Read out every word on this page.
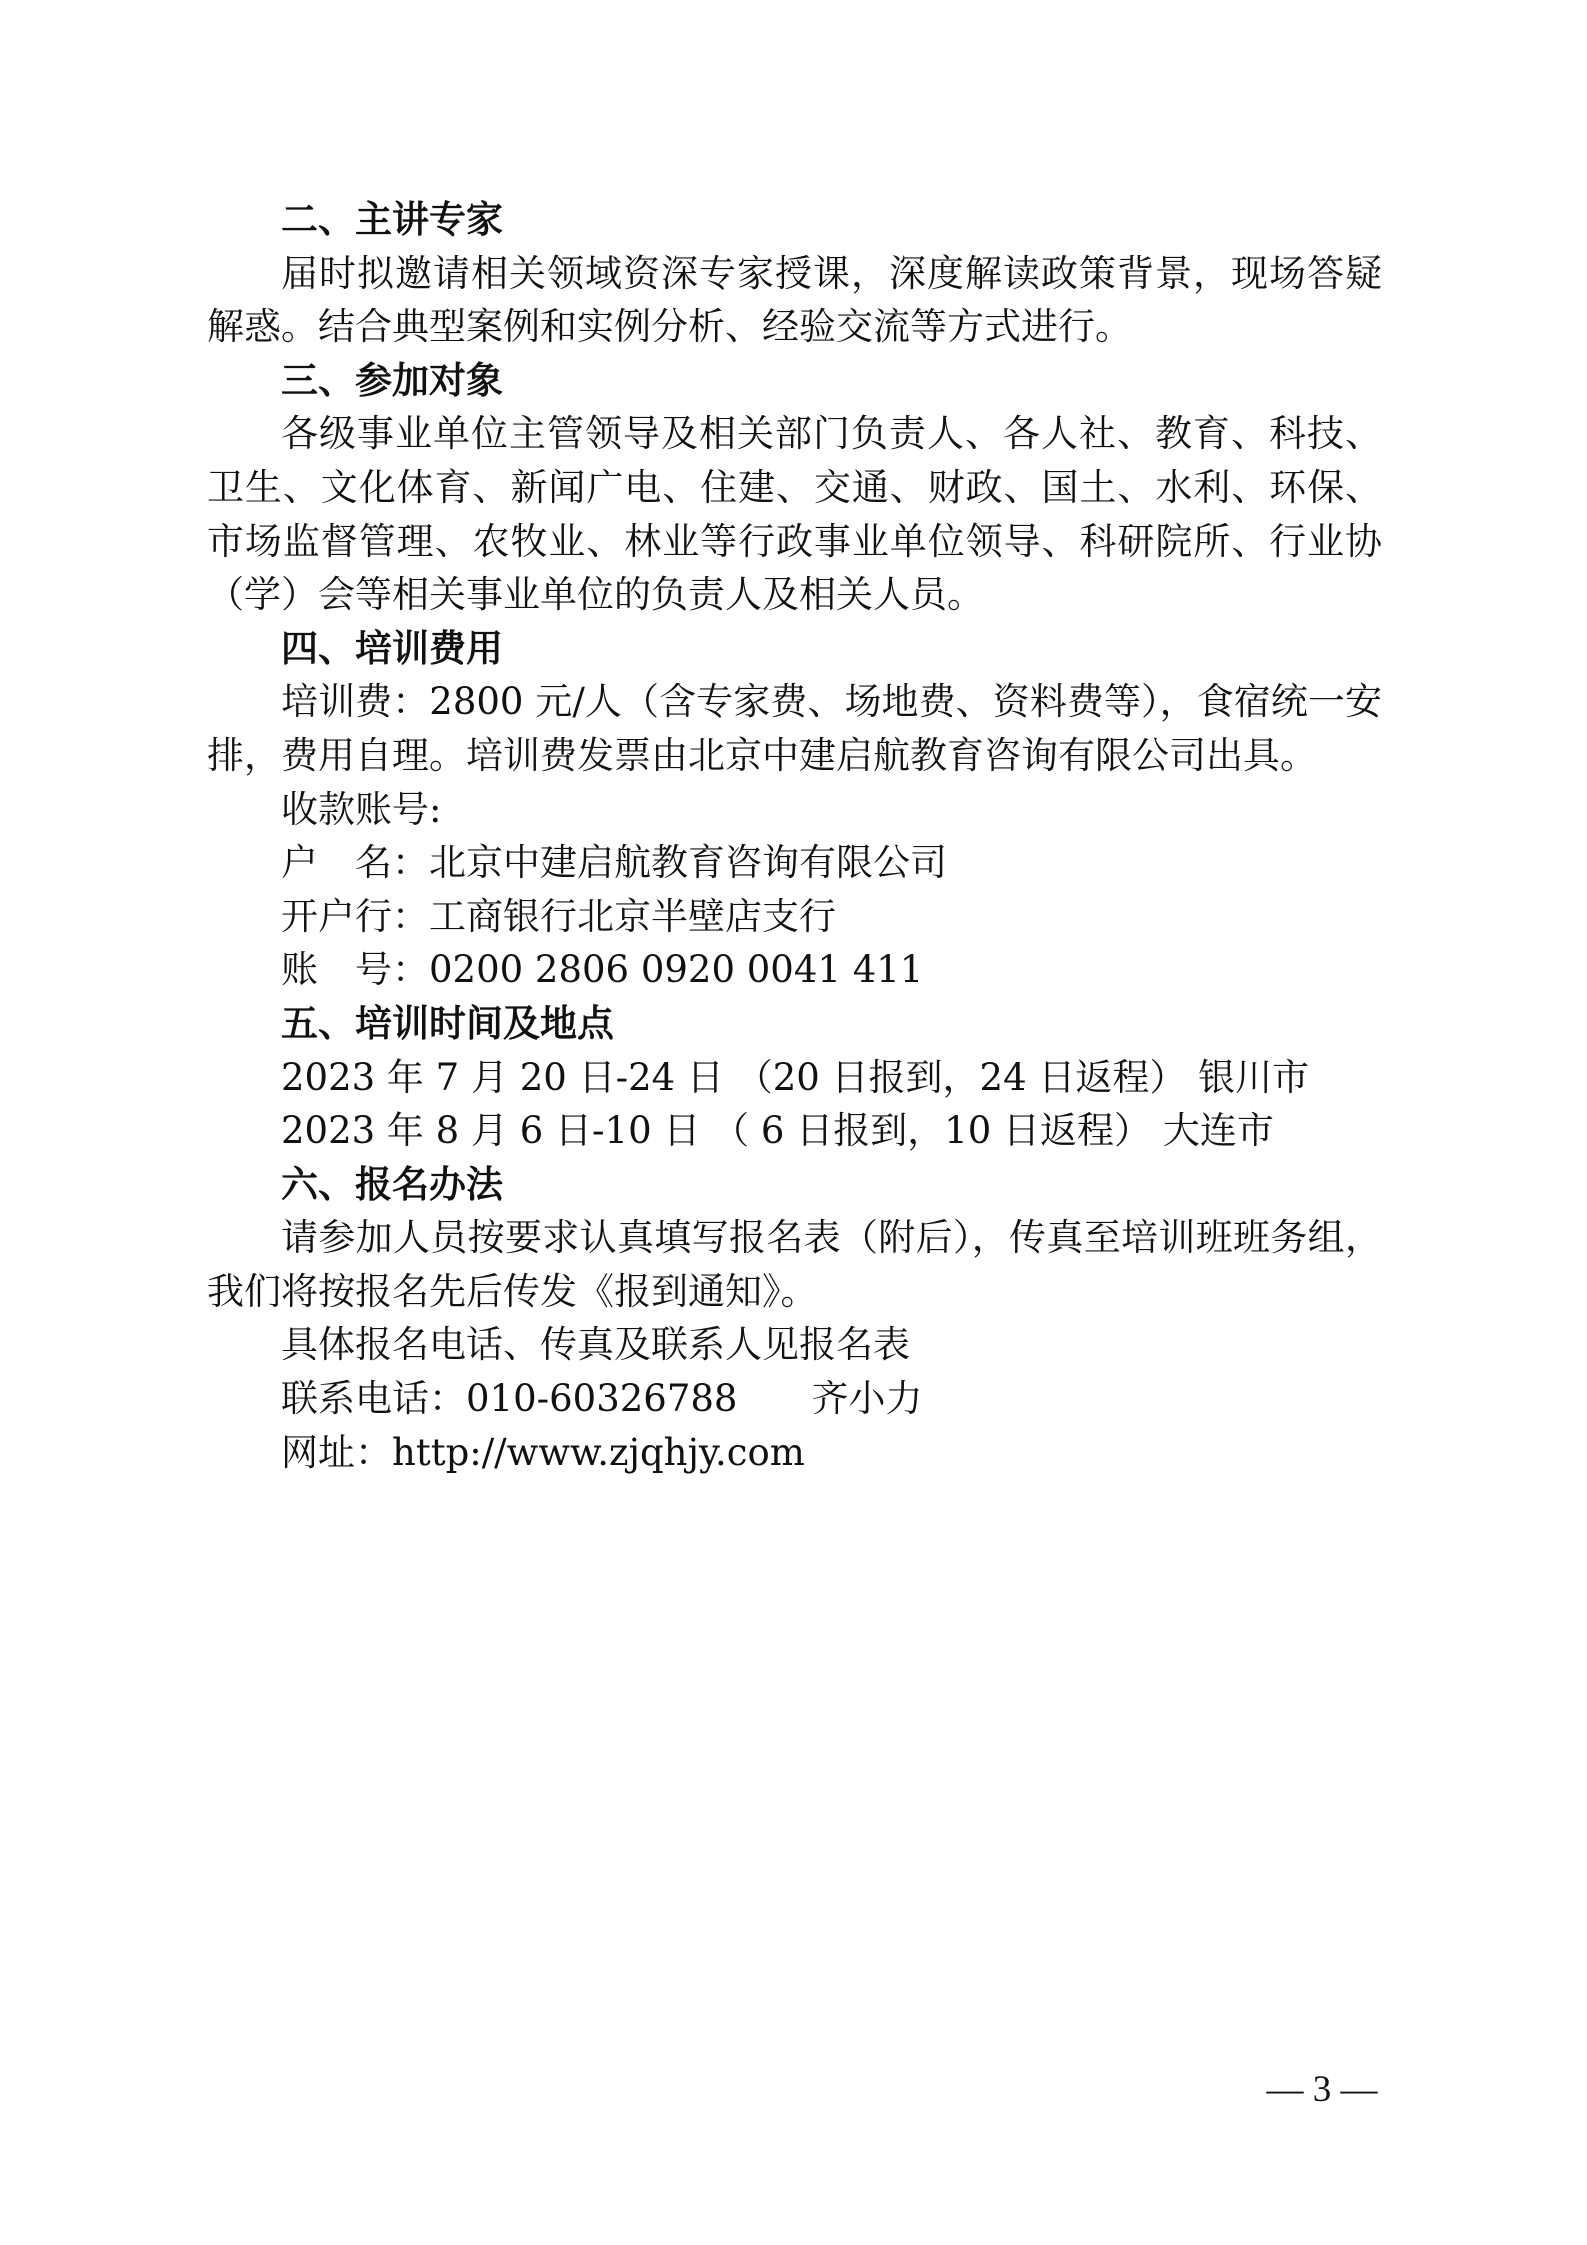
二、主讲专家

届时拟邀请相关领域资深专家授课，深度解读政策背景，现场答疑解惑。结合典型案例和实例分析、经验交流等方式进行。

三、参加对象

各级事业单位主管领导及相关部门负责人、各人社、教育、科技、卫生、文化体育、新闻广电、住建、交通、财政、国土、水利、环保、市场监督管理、农牧业、林业等行政事业单位领导、科研院所、行业协（学）会等相关事业单位的负责人及相关人员。

四、培训费用

培训费：2800 元/人（含专家费、场地费、资料费等），食宿统一安排，费用自理。培训费发票由北京中建启航教育咨询有限公司出具。

收款账号:

户　名：北京中建启航教育咨询有限公司

开户行：工商银行北京半壁店支行

账　号：0200 2806 0920 0041 411

五、培训时间及地点

2023 年 7 月 20 日-24 日 （20 日报到，24 日返程） 银川市

2023 年 8 月 6 日-10 日 （ 6 日报到，10 日返程） 大连市

六、报名办法

请参加人员按要求认真填写报名表（附后），传真至培训班班务组，我们将按报名先后传发《报到通知》。

具体报名电话、传真及联系人见报名表

联系电话：010-60326788　　齐小力

网址：http://www.zjqhjy.com

— 3 —
